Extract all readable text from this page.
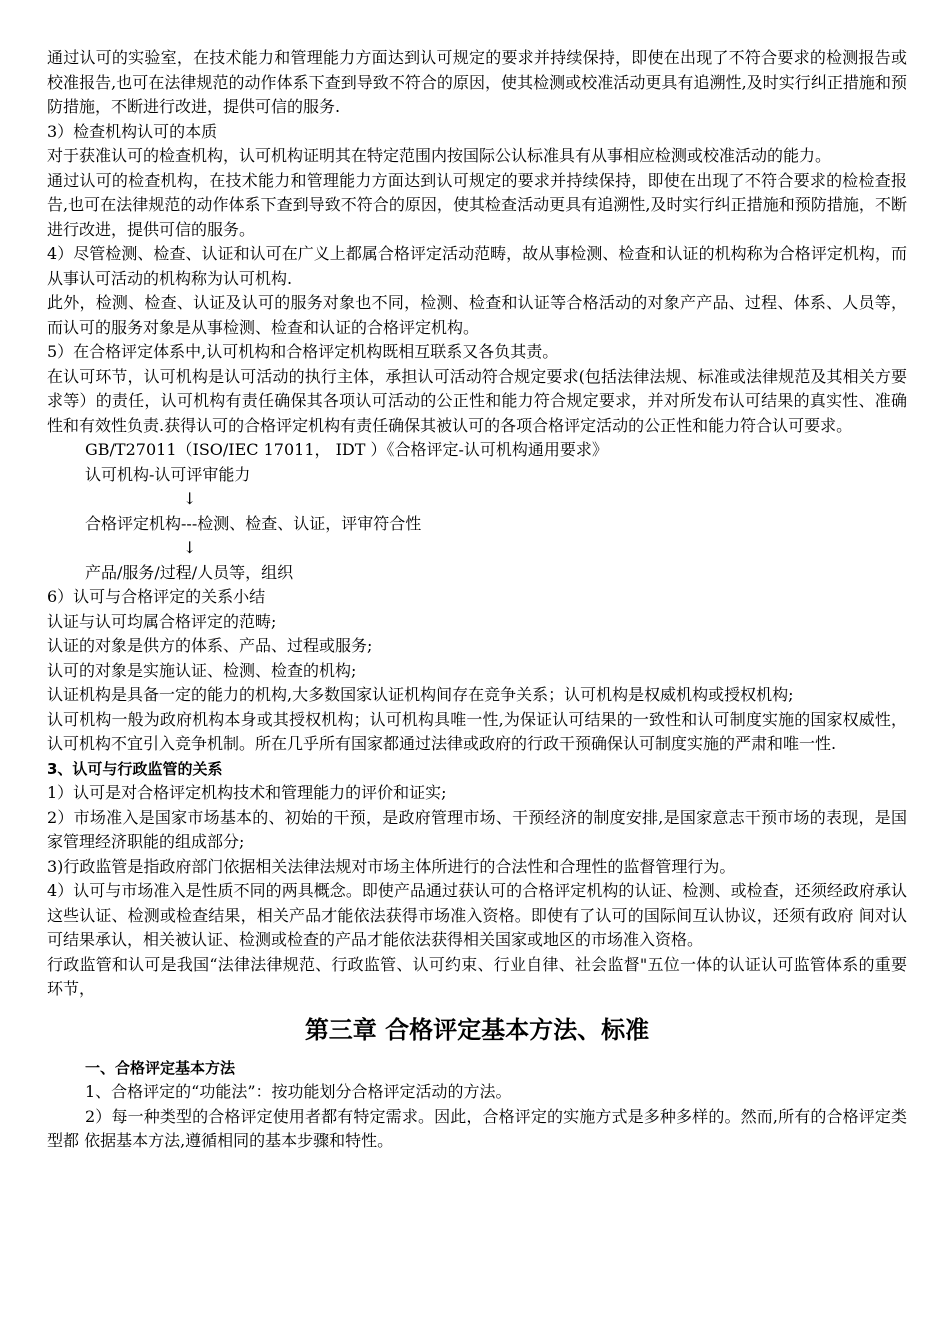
通过认可的实验室，在技术能力和管理能力方面达到认可规定的要求并持续保持，即使在出现了不符合要求的检测报告或校准报告,也可在法律规范的动作体系下查到导致不符合的原因，使其检测或校准活动更具有追溯性,及时实行纠正措施和预防措施，不断进行改进，提供可信的服务.

3）检查机构认可的本质

对于获准认可的检查机构，认可机构证明其在特定范围内按国际公认标准具有从事相应检测或校准活动的能力。

通过认可的检查机构，在技术能力和管理能力方面达到认可规定的要求并持续保持，即使在出现了不符合要求的检检查报告,也可在法律规范的动作体系下查到导致不符合的原因，使其检查活动更具有追溯性,及时实行纠正措施和预防措施，不断进行改进，提供可信的服务。

4）尽管检测、检查、认证和认可在广义上都属合格评定活动范畴，故从事检测、检查和认证的机构称为合格评定机构，而从事认可活动的机构称为认可机构.

此外，检测、检查、认证及认可的服务对象也不同，检测、检查和认证等合格活动的对象产产品、过程、体系、人员等，而认可的服务对象是从事检测、检查和认证的合格评定机构。

5）在合格评定体系中,认可机构和合格评定机构既相互联系又各负其责。

在认可环节，认可机构是认可活动的执行主体，承担认可活动符合规定要求(包括法律法规、标准或法律规范及其相关方要求等）的责任，认可机构有责任确保其各项认可活动的公正性和能力符合规定要求，并对所发布认可结果的真实性、准确性和有效性负责.获得认可的合格评定机构有责任确保其被认可的各项合格评定活动的公正性和能力符合认可要求。

GB/T27011（ISO/IEC 17011， IDT ）《合格评定-认可机构通用要求》

认可机构-认可评审能力

↓

合格评定机构---检测、检查、认证，评审符合性

↓

产品/服务/过程/人员等，组织

6）认可与合格评定的关系小结

认证与认可均属合格评定的范畴;

认证的对象是供方的体系、产品、过程或服务;

认可的对象是实施认证、检测、检查的机构;

认证机构是具备一定的能力的机构,大多数国家认证机构间存在竞争关系；认可机构是权威机构或授权机构;

认可机构一般为政府机构本身或其授权机构；认可机构具唯一性,为保证认可结果的一致性和认可制度实施的国家权威性，认可机构不宜引入竞争机制。所在几乎所有国家都通过法律或政府的行政干预确保认可制度实施的严肃和唯一性.

3、认可与行政监管的关系

1）认可是对合格评定机构技术和管理能力的评价和证实;

2）市场准入是国家市场基本的、初始的干预，是政府管理市场、干预经济的制度安排,是国家意志干预市场的表现，是国家管理经济职能的组成部分;

3)行政监管是指政府部门依据相关法律法规对市场主体所进行的合法性和合理性的监督管理行为。

4）认可与市场准入是性质不同的两具概念。即使产品通过获认可的合格评定机构的认证、检测、或检查，还须经政府承认这些认证、检测或检查结果，相关产品才能依法获得市场准入资格。即使有了认可的国际间互认协议，还须有政府 间对认可结果承认，相关被认证、检测或检查的产品才能依法获得相关国家或地区的市场准入资格。

行政监管和认可是我国“法律法律规范、行政监管、认可约束、行业自律、社会监督"五位一体的认证认可监管体系的重要环节，

第三章 合格评定基本方法、标准

一、合格评定基本方法

1、合格评定的“功能法”：按功能划分合格评定活动的方法。

2）每一种类型的合格评定使用者都有特定需求。因此，合格评定的实施方式是多种多样的。然而,所有的合格评定类型都 依据基本方法,遵循相同的基本步骤和特性。
